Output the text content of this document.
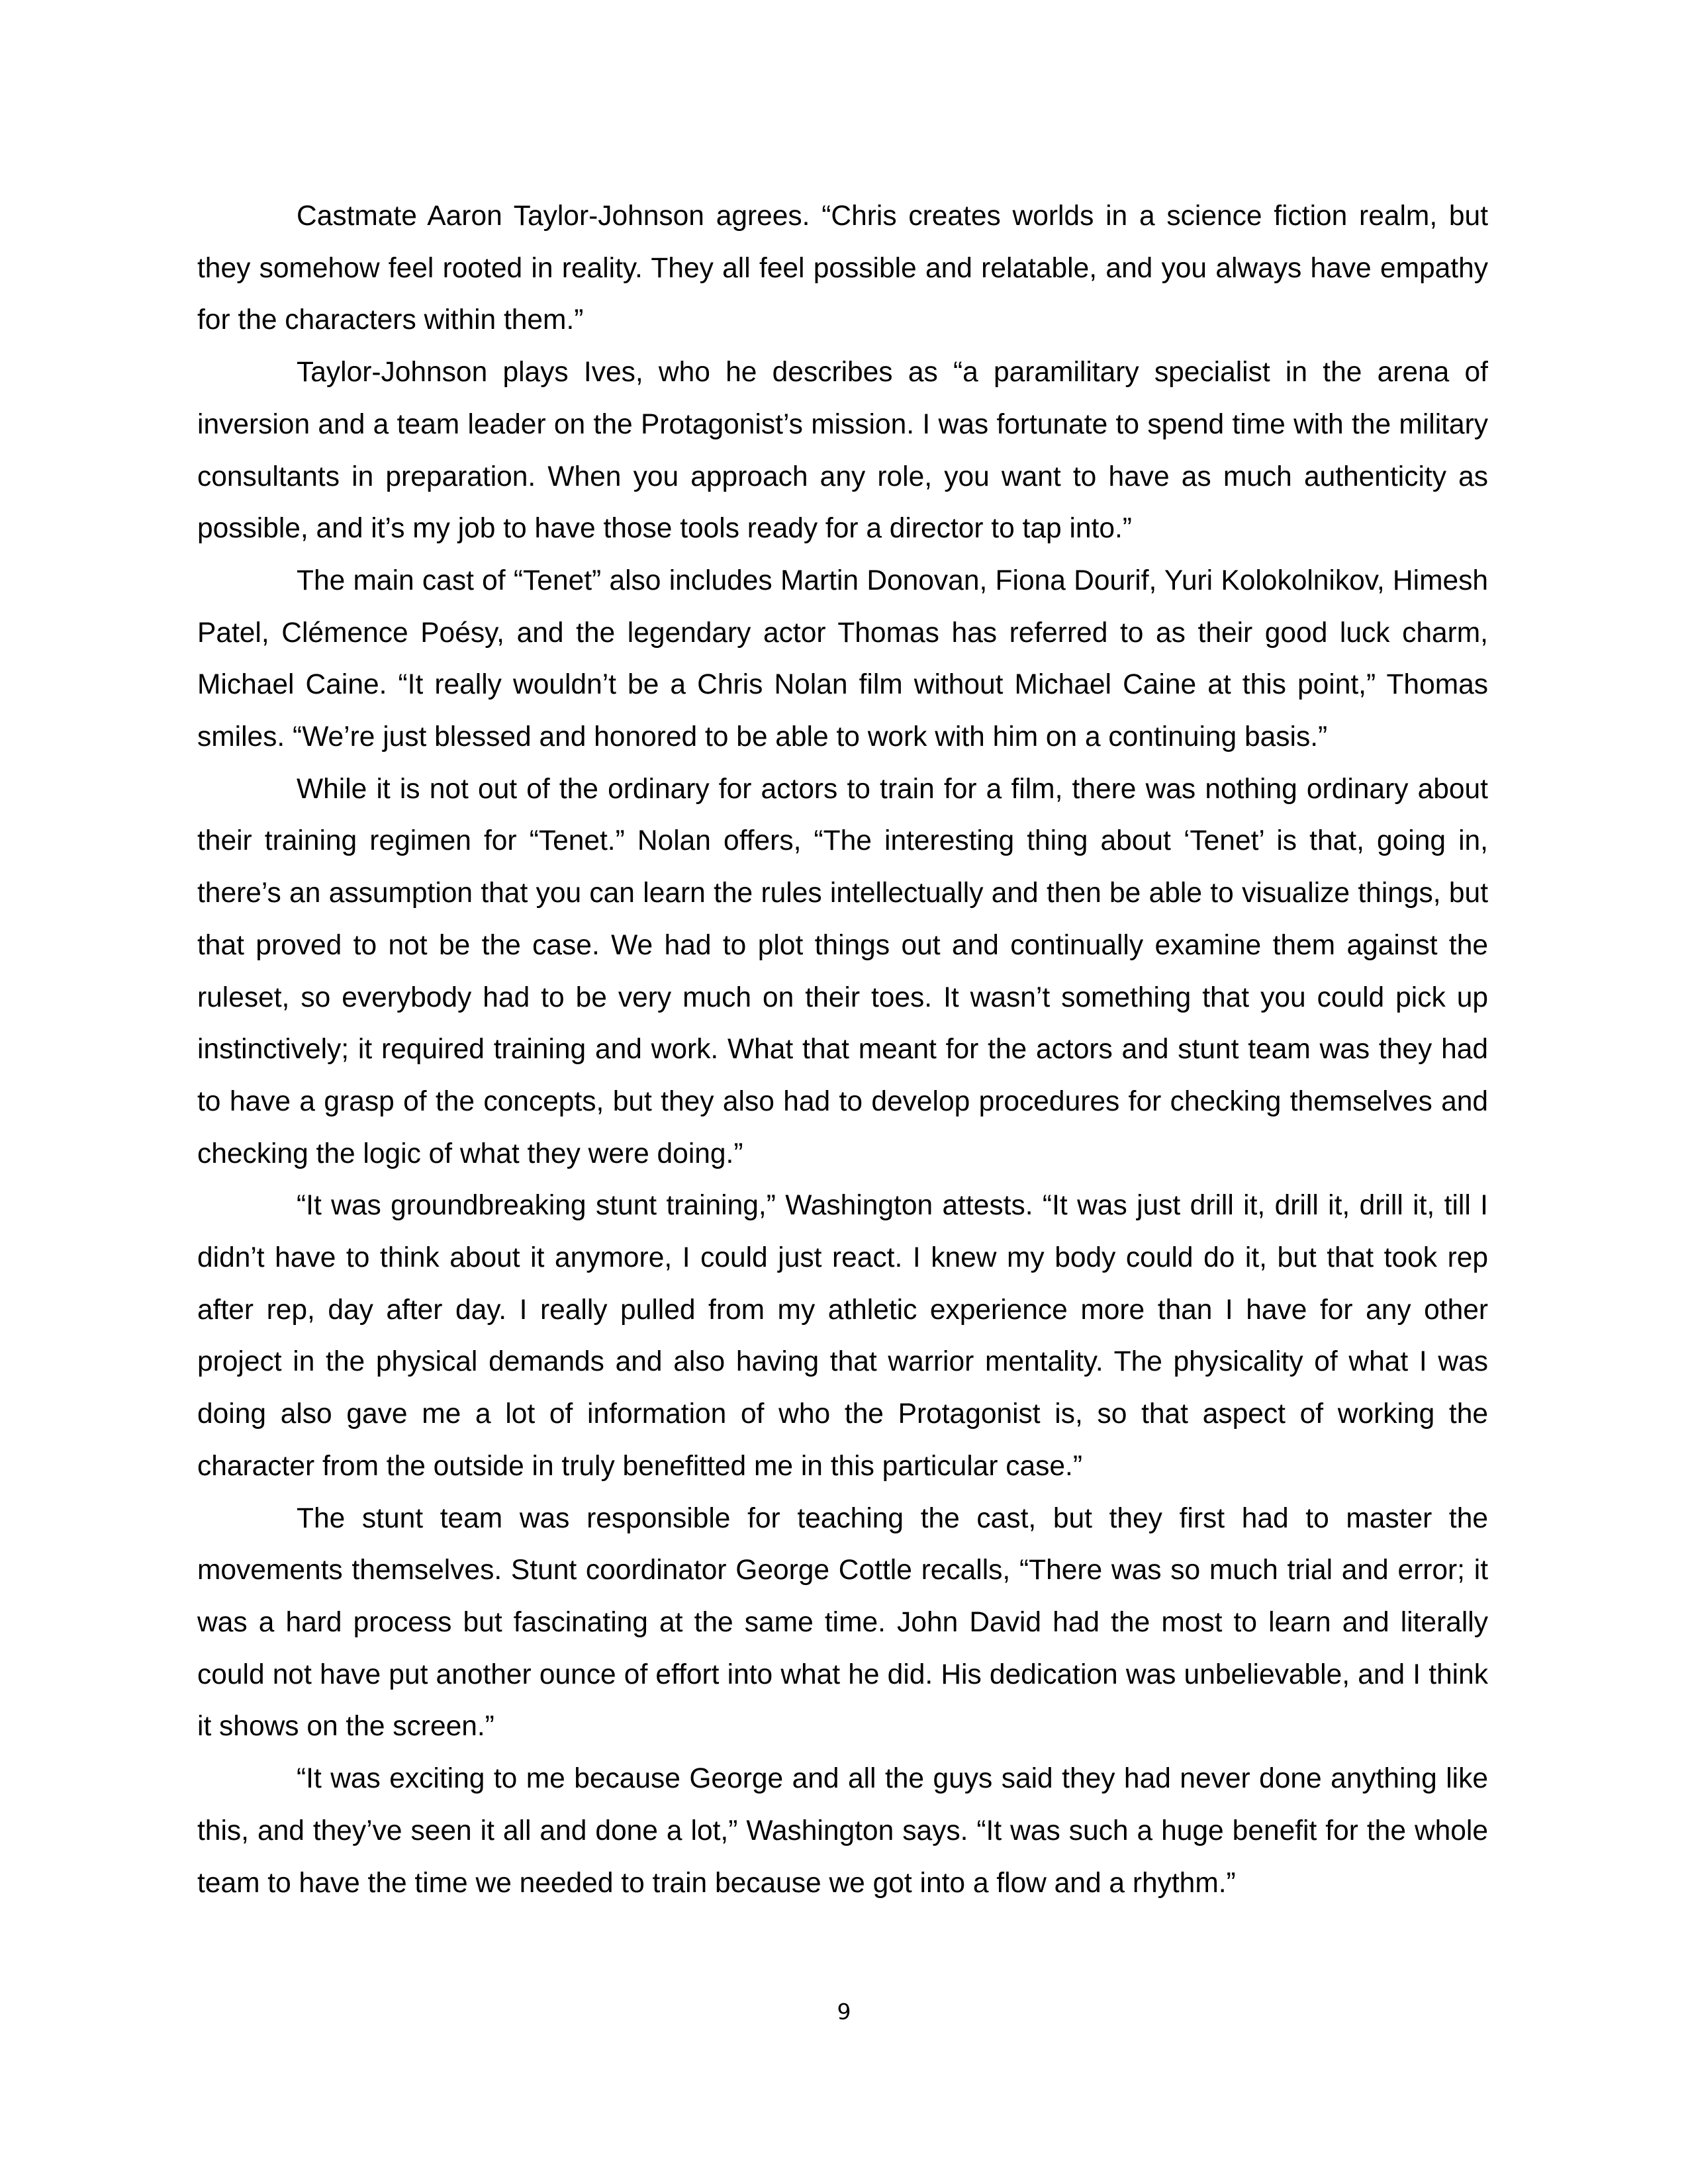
Castmate Aaron Taylor-Johnson agrees. “Chris creates worlds in a science fiction realm, but they somehow feel rooted in reality. They all feel possible and relatable, and you always have empathy for the characters within them.”

Taylor-Johnson plays Ives, who he describes as “a paramilitary specialist in the arena of inversion and a team leader on the Protagonist’s mission. I was fortunate to spend time with the military consultants in preparation. When you approach any role, you want to have as much authenticity as possible, and it’s my job to have those tools ready for a director to tap into.”

The main cast of “Tenet” also includes Martin Donovan, Fiona Dourif, Yuri Kolokolnikov, Himesh Patel, Clémence Poésy, and the legendary actor Thomas has referred to as their good luck charm, Michael Caine. “It really wouldn’t be a Chris Nolan film without Michael Caine at this point,” Thomas smiles. “We’re just blessed and honored to be able to work with him on a continuing basis.”

While it is not out of the ordinary for actors to train for a film, there was nothing ordinary about their training regimen for “Tenet.” Nolan offers, “The interesting thing about ‘Tenet’ is that, going in, there’s an assumption that you can learn the rules intellectually and then be able to visualize things, but that proved to not be the case. We had to plot things out and continually examine them against the ruleset, so everybody had to be very much on their toes. It wasn’t something that you could pick up instinctively; it required training and work. What that meant for the actors and stunt team was they had to have a grasp of the concepts, but they also had to develop procedures for checking themselves and checking the logic of what they were doing.”

“It was groundbreaking stunt training,” Washington attests. “It was just drill it, drill it, drill it, till I didn’t have to think about it anymore, I could just react. I knew my body could do it, but that took rep after rep, day after day. I really pulled from my athletic experience more than I have for any other project in the physical demands and also having that warrior mentality. The physicality of what I was doing also gave me a lot of information of who the Protagonist is, so that aspect of working the character from the outside in truly benefitted me in this particular case.”

The stunt team was responsible for teaching the cast, but they first had to master the movements themselves. Stunt coordinator George Cottle recalls, “There was so much trial and error; it was a hard process but fascinating at the same time. John David had the most to learn and literally could not have put another ounce of effort into what he did. His dedication was unbelievable, and I think it shows on the screen.”

“It was exciting to me because George and all the guys said they had never done anything like this, and they’ve seen it all and done a lot,” Washington says. “It was such a huge benefit for the whole team to have the time we needed to train because we got into a flow and a rhythm.”

9
